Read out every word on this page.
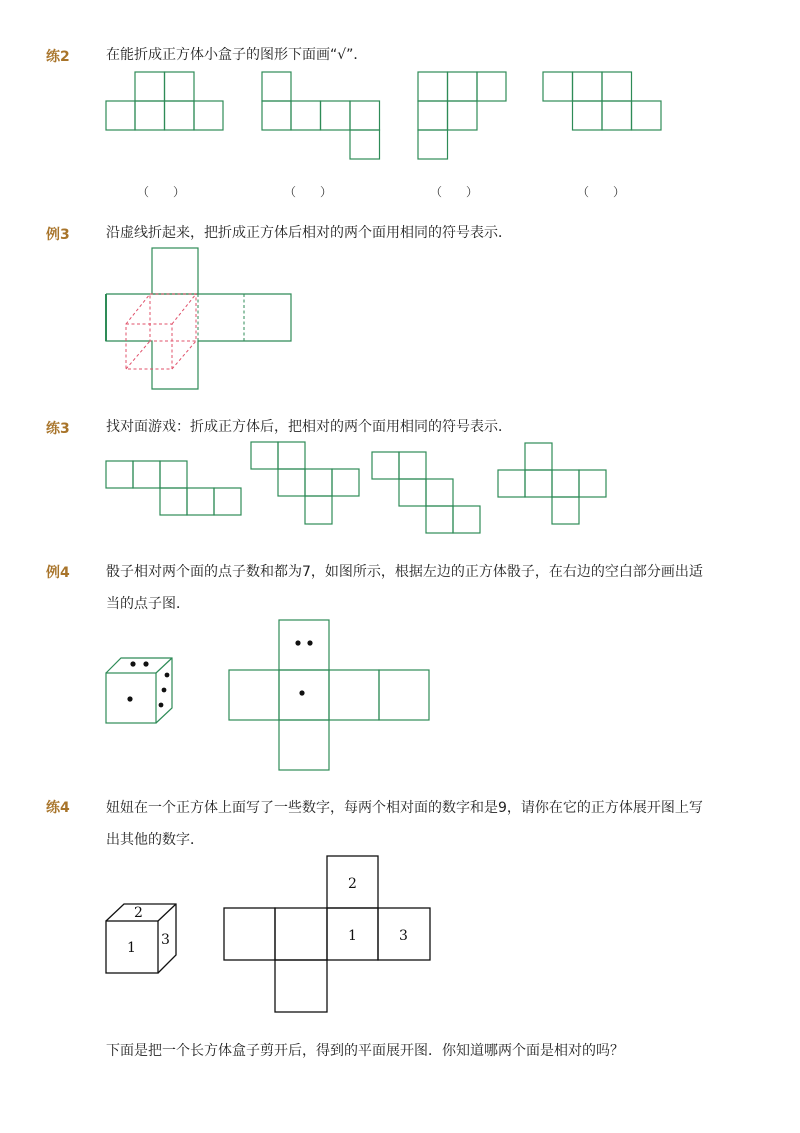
练2	在能折成正方体小盒子的图形下面画“√”．
（　　）	（　　）	（　　）	（　　）
例3	沿虚线折起来，把折成正方体后相对的两个面用相同的符号表示．
练3	找对面游戏：折成正方体后，把相对的两个面用相同的符号表示．
例4	骰子相对两个面的点子数和都为7，如图所示，根据左边的正方体骰子，在右边的空白部分画出适
当的点子图．
练4	妞妞在一个正方体上面写了一些数字，每两个相对面的数字和是9，请你在它的正方体展开图上写
出其他的数字．
下面是把一个长方体盒子剪开后，得到的平面展开图．你知道哪两个面是相对的吗？
2
1 3
2
1	3
